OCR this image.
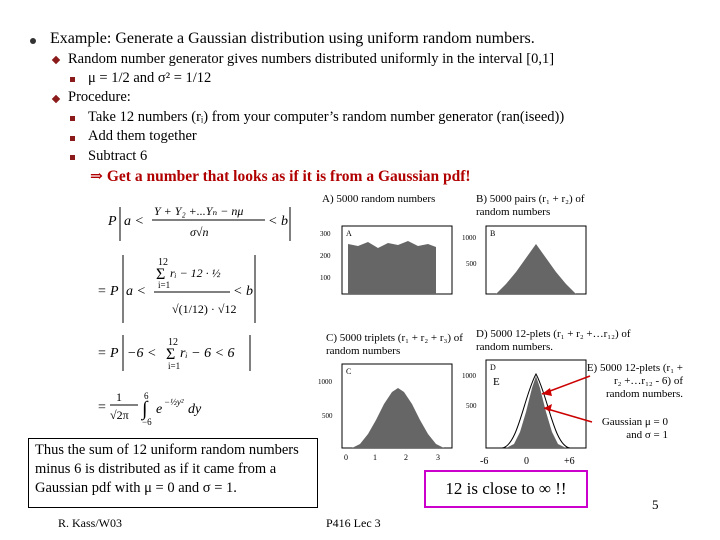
Example: Generate a Gaussian distribution using uniform random numbers.
Random number generator gives numbers distributed uniformly in the interval [0,1]
μ = 1/2 and σ² = 1/12
Procedure:
Take 12 numbers (rᵢ) from your computer’s random number generator (ran(iseed))
Add them together
Subtract 6
⇒ Get a number that looks as if it is from a Gaussian pdf!
P a <
Y + Y₂ +...Yₙ − nμ
σ√n
< b
= P a <
12
Σ rᵢ − 12 · ½
i=1
√(1/12) · √12
< b
= P −6 <
12
Σ rᵢ − 6 < 6
i=1
=
1
√2π
6
∫
−6
e −½y² dy
Thus the sum of 12 uniform random numbers minus 6 is distributed as if it came from a Gaussian pdf with μ = 0 and σ = 1.
A) 5000 random numbers	B) 5000 pairs (r₁ + r₂) of random numbers
C) 5000 triplets (r₁ + r₂ + r₃) of random numbers
D) 5000 12-plets (r₁ + r₂ +…r₁₂) of random numbers.
E) 5000 12-plets (r₁ + r₂ +…r₁₂ - 6) of random numbers.
Gaussian μ = 0 and σ = 1
A
300
200
100
B
1000
500
C
1000
500
0	1	2	3
D
1000
500
-6	0	+6
E
12 is close to ∞ !!
R. Kass/W03	P416 Lec 3
5
